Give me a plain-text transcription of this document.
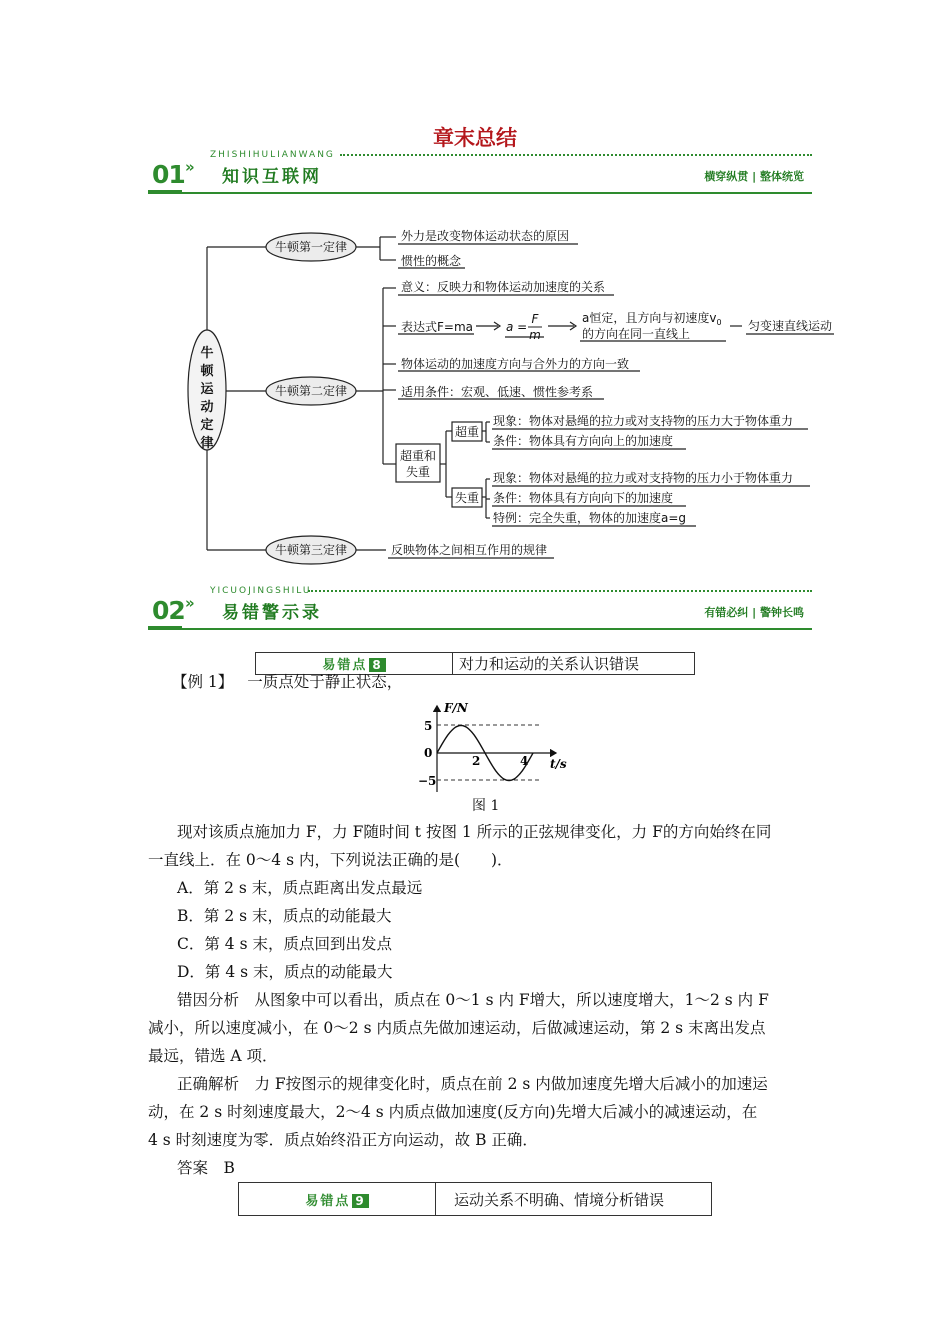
章末总结
01 »
ZHISHIHULIANWANG
知识互联网	横穿纵贯 | 整体统览
牛
顿
运
动
定
律
牛顿第一定律
牛顿第二定律
牛顿第三定律
外力是改变物体运动状态的原因
惯性的概念
意义：反映力和物体运动加速度的关系
表达式F=ma	a =
F
m
a恒定，且方向与初速度$v_0$
的方向在同一直线上
匀变速直线运动
物体运动的加速度方向与合外力的方向一致
适用条件：宏观、低速、惯性参考系
超重和
失重
超重
现象：物体对悬绳的拉力或对支持物的压力大于物体重力
条件：物体具有方向向上的加速度
失重
现象：物体对悬绳的拉力或对支持物的压力小于物体重力
条件：物体具有方向向下的加速度
特例：完全失重，物体的加速度a=g
反映物体之间相互作用的规律
02 »
YICUOJINGSHILU
易错警示录	有错必纠 | 警钟长鸣
易错点 8	对力和运动的关系认识错误
【例 1】 一质点处于静止状态，
F/N
t/s
5
0
−5
2	4
图 1
现对该质点施加力 F，力 F随时间 t 按图 1 所示的正弦规律变化，力 F的方向始终在同
一直线上．在 0～4 s 内，下列说法正确的是(　　)．
A．第 2 s 末，质点距离出发点最远
B．第 2 s 末，质点的动能最大
C．第 4 s 末，质点回到出发点
D．第 4 s 末，质点的动能最大
错因分析　从图象中可以看出，质点在 0～1 s 内 F增大，所以速度增大，1～2 s 内 F
减小，所以速度减小，在 0～2 s 内质点先做加速运动，后做减速运动，第 2 s 末离出发点
最远，错选 A 项．
正确解析　力 F按图示的规律变化时，质点在前 2 s 内做加速度先增大后减小的加速运
动，在 2 s 时刻速度最大，2～4 s 内质点做加速度(反方向)先增大后减小的减速运动，在
4 s 时刻速度为零．质点始终沿正方向运动，故 B 正确．
答案　B
易错点 9	运动关系不明确、情境分析错误
